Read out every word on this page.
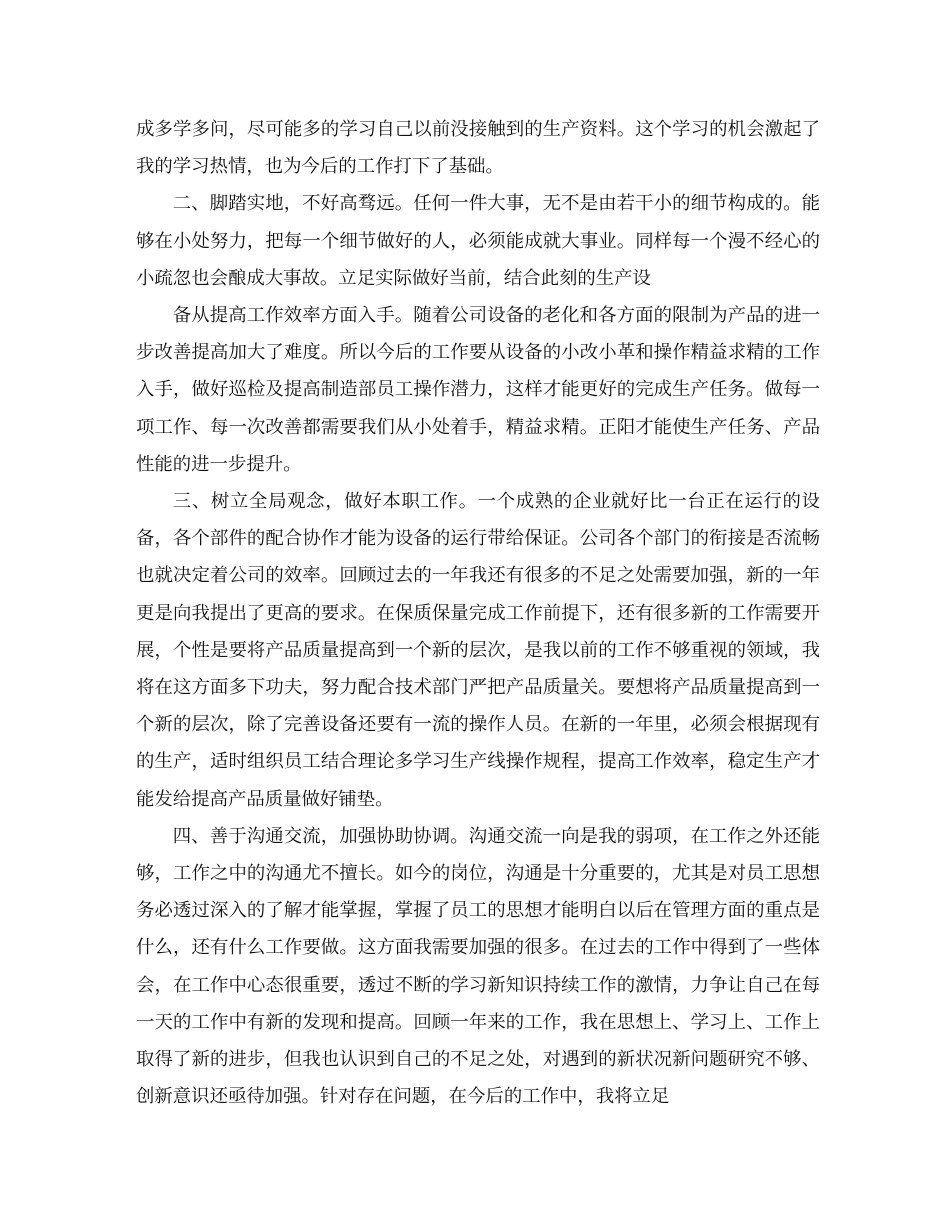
成多学多问，尽可能多的学习自己以前没接触到的生产资料。这个学习的机会激起了我的学习热情，也为今后的工作打下了基础。

二、脚踏实地，不好高骛远。任何一件大事，无不是由若干小的细节构成的。能够在小处努力，把每一个细节做好的人，必须能成就大事业。同样每一个漫不经心的小疏忽也会酿成大事故。立足实际做好当前，结合此刻的生产设

备从提高工作效率方面入手。随着公司设备的老化和各方面的限制为产品的进一步改善提高加大了难度。所以今后的工作要从设备的小改小革和操作精益求精的工作入手，做好巡检及提高制造部员工操作潜力，这样才能更好的完成生产任务。做每一项工作、每一次改善都需要我们从小处着手，精益求精。正阳才能使生产任务、产品性能的进一步提升。

三、树立全局观念，做好本职工作。一个成熟的企业就好比一台正在运行的设备，各个部件的配合协作才能为设备的运行带给保证。公司各个部门的衔接是否流畅也就决定着公司的效率。回顾过去的一年我还有很多的不足之处需要加强，新的一年更是向我提出了更高的要求。在保质保量完成工作前提下，还有很多新的工作需要开展，个性是要将产品质量提高到一个新的层次，是我以前的工作不够重视的领域，我将在这方面多下功夫，努力配合技术部门严把产品质量关。要想将产品质量提高到一个新的层次，除了完善设备还要有一流的操作人员。在新的一年里，必须会根据现有的生产，适时组织员工结合理论多学习生产线操作规程，提高工作效率，稳定生产才能发给提高产品质量做好铺垫。

四、善于沟通交流，加强协助协调。沟通交流一向是我的弱项，在工作之外还能够，工作之中的沟通尤不擅长。如今的岗位，沟通是十分重要的，尤其是对员工思想务必透过深入的了解才能掌握，掌握了员工的思想才能明白以后在管理方面的重点是什么，还有什么工作要做。这方面我需要加强的很多。在过去的工作中得到了一些体会，在工作中心态很重要，透过不断的学习新知识持续工作的激情，力争让自己在每一天的工作中有新的发现和提高。回顾一年来的工作，我在思想上、学习上、工作上取得了新的进步，但我也认识到自己的不足之处，对遇到的新状况新问题研究不够、创新意识还亟待加强。针对存在问题，在今后的工作中，我将立足
